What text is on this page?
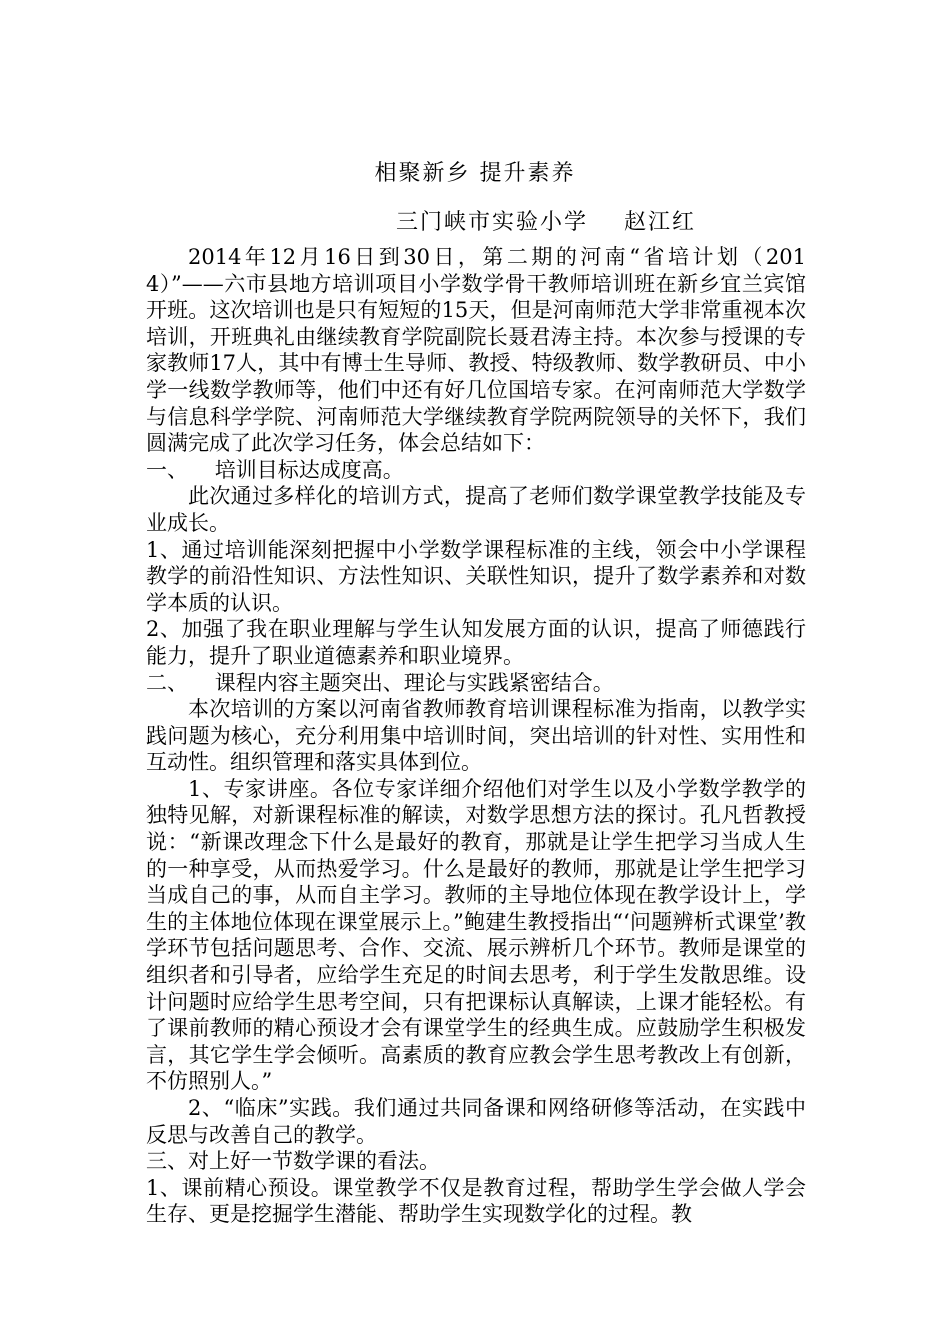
相聚新乡 提升素养
三门峡市实验小学    赵江红

2014年12月16日到30日，第二期的河南“省培计划（2014）”——六市县地方培训项目小学数学骨干教师培训班在新乡宜兰宾馆开班。这次培训也是只有短短的15天，但是河南师范大学非常重视本次培训，开班典礼由继续教育学院副院长聂君涛主持。本次参与授课的专家教师17人，其中有博士生导师、教授、特级教师、数学教研员、中小学一线数学教师等，他们中还有好几位国培专家。在河南师范大学数学与信息科学学院、河南师范大学继续教育学院两院领导的关怀下，我们圆满完成了此次学习任务，体会总结如下：

一、    培训目标达成度高。

此次通过多样化的培训方式，提高了老师们数学课堂教学技能及专业成长。

1、通过培训能深刻把握中小学数学课程标准的主线，领会中小学课程教学的前沿性知识、方法性知识、关联性知识，提升了数学素养和对数学本质的认识。

2、加强了我在职业理解与学生认知发展方面的认识，提高了师德践行能力，提升了职业道德素养和职业境界。

二、    课程内容主题突出、理论与实践紧密结合。

本次培训的方案以河南省教师教育培训课程标准为指南，以教学实践问题为核心，充分利用集中培训时间，突出培训的针对性、实用性和互动性。组织管理和落实具体到位。

1、专家讲座。各位专家详细介绍他们对学生以及小学数学教学的独特见解，对新课程标准的解读，对数学思想方法的探讨。孔凡哲教授说：“新课改理念下什么是最好的教育，那就是让学生把学习当成人生的一种享受，从而热爱学习。什么是最好的教师，那就是让学生把学习当成自己的事，从而自主学习。教师的主导地位体现在教学设计上，学生的主体地位体现在课堂展示上。”鲍建生教授指出“‘问题辨析式课堂’教学环节包括问题思考、合作、交流、展示辨析几个环节。教师是课堂的组织者和引导者，应给学生充足的时间去思考，利于学生发散思维。设计问题时应给学生思考空间，只有把课标认真解读，上课才能轻松。有了课前教师的精心预设才会有课堂学生的经典生成。应鼓励学生积极发言，其它学生学会倾听。高素质的教育应教会学生思考教改上有创新，不仿照别人。”

2、“临床”实践。我们通过共同备课和网络研修等活动，在实践中反思与改善自己的教学。

三、对上好一节数学课的看法。

1、课前精心预设。课堂教学不仅是教育过程，帮助学生学会做人学会生存、更是挖掘学生潜能、帮助学生实现数学化的过程。教
